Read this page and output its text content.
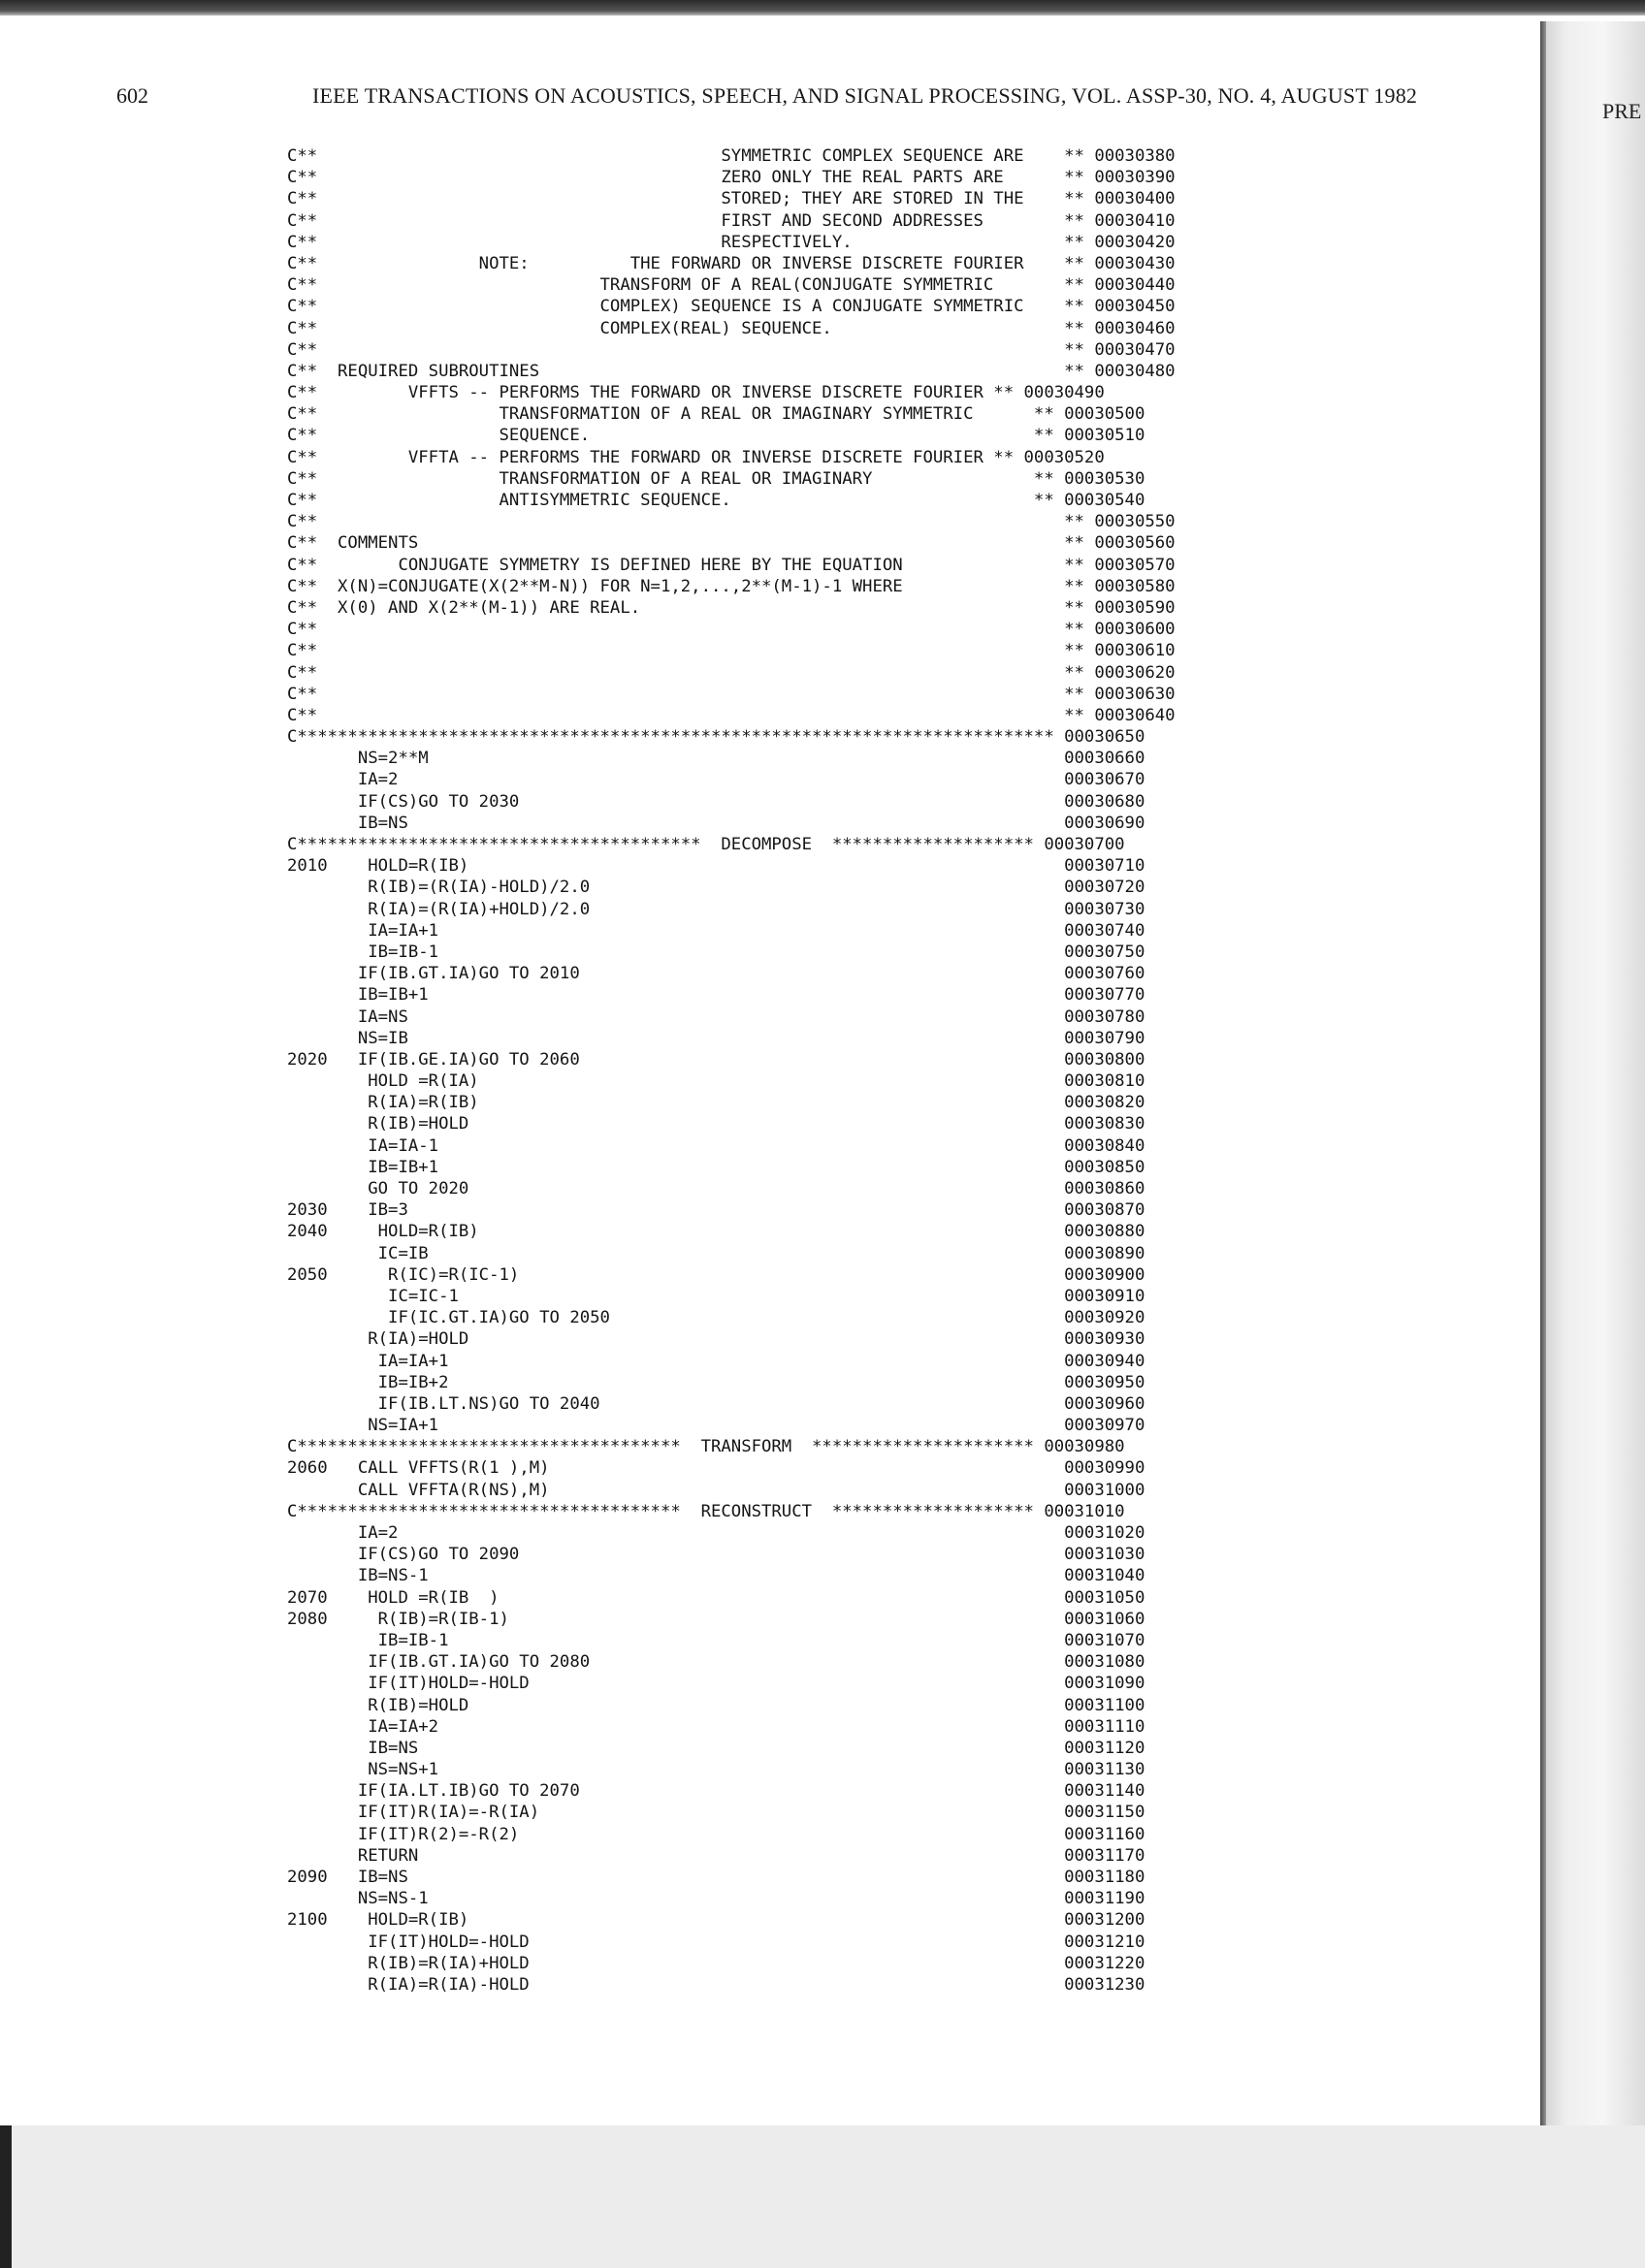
PRE
602	IEEE TRANSACTIONS ON ACOUSTICS, SPEECH, AND SIGNAL PROCESSING, VOL. ASSP-30, NO. 4, AUGUST 1982
C**                                        SYMMETRIC COMPLEX SEQUENCE ARE    ** 00030380
C**                                        ZERO ONLY THE REAL PARTS ARE      ** 00030390
C**                                        STORED; THEY ARE STORED IN THE    ** 00030400
C**                                        FIRST AND SECOND ADDRESSES        ** 00030410
C**                                        RESPECTIVELY.                     ** 00030420
C**                NOTE:          THE FORWARD OR INVERSE DISCRETE FOURIER    ** 00030430
C**                            TRANSFORM OF A REAL(CONJUGATE SYMMETRIC       ** 00030440
C**                            COMPLEX) SEQUENCE IS A CONJUGATE SYMMETRIC    ** 00030450
C**                            COMPLEX(REAL) SEQUENCE.                       ** 00030460
C**                                                                          ** 00030470
C**  REQUIRED SUBROUTINES                                                    ** 00030480
C**         VFFTS -- PERFORMS THE FORWARD OR INVERSE DISCRETE FOURIER ** 00030490
C**                  TRANSFORMATION OF A REAL OR IMAGINARY SYMMETRIC      ** 00030500
C**                  SEQUENCE.                                            ** 00030510
C**         VFFTA -- PERFORMS THE FORWARD OR INVERSE DISCRETE FOURIER ** 00030520
C**                  TRANSFORMATION OF A REAL OR IMAGINARY                ** 00030530
C**                  ANTISYMMETRIC SEQUENCE.                              ** 00030540
C**                                                                          ** 00030550
C**  COMMENTS                                                                ** 00030560
C**        CONJUGATE SYMMETRY IS DEFINED HERE BY THE EQUATION                ** 00030570
C**  X(N)=CONJUGATE(X(2**M-N)) FOR N=1,2,...,2**(M-1)-1 WHERE                ** 00030580
C**  X(0) AND X(2**(M-1)) ARE REAL.                                          ** 00030590
C**                                                                          ** 00030600
C**                                                                          ** 00030610
C**                                                                          ** 00030620
C**                                                                          ** 00030630
C**                                                                          ** 00030640
C*************************************************************************** 00030650
NS=2**M                                                               00030660
IA=2                                                                  00030670
IF(CS)GO TO 2030                                                      00030680
IB=NS                                                                 00030690
C****************************************  DECOMPOSE  ******************** 00030700
2010    HOLD=R(IB)                                                           00030710
R(IB)=(R(IA)-HOLD)/2.0                                               00030720
R(IA)=(R(IA)+HOLD)/2.0                                               00030730
IA=IA+1                                                              00030740
IB=IB-1                                                              00030750
IF(IB.GT.IA)GO TO 2010                                                00030760
IB=IB+1                                                               00030770
IA=NS                                                                 00030780
NS=IB                                                                 00030790
2020   IF(IB.GE.IA)GO TO 2060                                                00030800
HOLD =R(IA)                                                          00030810
R(IA)=R(IB)                                                          00030820
R(IB)=HOLD                                                           00030830
IA=IA-1                                                              00030840
IB=IB+1                                                              00030850
GO TO 2020                                                           00030860
2030    IB=3                                                                 00030870
2040     HOLD=R(IB)                                                          00030880
IC=IB                                                               00030890
2050      R(IC)=R(IC-1)                                                      00030900
IC=IC-1                                                            00030910
IF(IC.GT.IA)GO TO 2050                                             00030920
R(IA)=HOLD                                                           00030930
IA=IA+1                                                             00030940
IB=IB+2                                                             00030950
IF(IB.LT.NS)GO TO 2040                                              00030960
NS=IA+1                                                              00030970
C**************************************  TRANSFORM  ********************** 00030980
2060   CALL VFFTS(R(1 ),M)                                                   00030990
CALL VFFTA(R(NS),M)                                                   00031000
C**************************************  RECONSTRUCT  ******************** 00031010
IA=2                                                                  00031020
IF(CS)GO TO 2090                                                      00031030
IB=NS-1                                                               00031040
2070    HOLD =R(IB  )                                                        00031050
2080     R(IB)=R(IB-1)                                                       00031060
IB=IB-1                                                             00031070
IF(IB.GT.IA)GO TO 2080                                               00031080
IF(IT)HOLD=-HOLD                                                     00031090
R(IB)=HOLD                                                           00031100
IA=IA+2                                                              00031110
IB=NS                                                                00031120
NS=NS+1                                                              00031130
IF(IA.LT.IB)GO TO 2070                                                00031140
IF(IT)R(IA)=-R(IA)                                                    00031150
IF(IT)R(2)=-R(2)                                                      00031160
RETURN                                                                00031170
2090   IB=NS                                                                 00031180
NS=NS-1                                                               00031190
2100    HOLD=R(IB)                                                           00031200
IF(IT)HOLD=-HOLD                                                     00031210
R(IB)=R(IA)+HOLD                                                     00031220
R(IA)=R(IA)-HOLD                                                     00031230
